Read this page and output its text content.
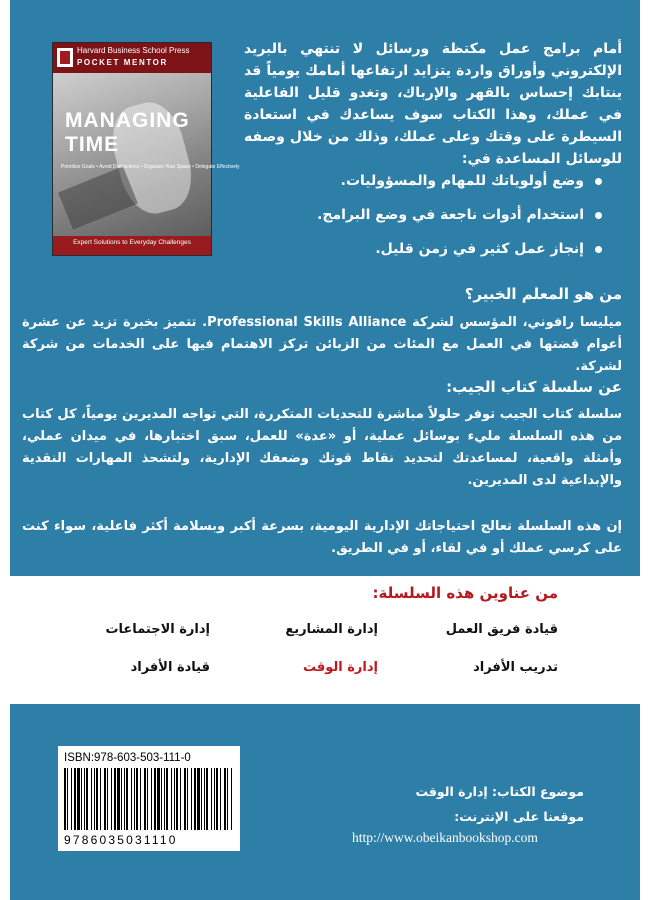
Harvard Business School Press
POCKET MENTOR
MANAGING
TIME
Prioritize Goals • Avoid Distractions • Organize Your Space • Delegate Effectively
Expert Solutions to Everyday Challenges
أمام برامج عمل مكتظة ورسائل لا تنتهي بالبريد الإلكتروني وأوراق واردة يتزايد ارتفاعها أمامك يومياً قد ينتابك إحساس بالقهر والإرباك، وتغدو قليل الفاعلية في عملك، وهذا الكتاب سوف يساعدك في استعادة السيطرة على وقتك وعلى عملك، وذلك من خلال وصفه للوسائل المساعدة في:
وضع أولوياتك للمهام والمسؤوليات.
استخدام أدوات ناجعة في وضع البرامج.
إنجاز عمل كثير في زمن قليل.
من هو المعلم الخبير؟
ميليسا رافوني، المؤسس لشركة Professional Skills Alliance. تتميز بخبرة تزيد عن عشرة أعوام قضتها في العمل مع المئات من الزبائن تركز الاهتمام فيها على الخدمات من شركة لشركة.
عن سلسلة كتاب الجيب:
سلسلة كتاب الجيب توفر حلولاً مباشرة للتحديات المتكررة، التي تواجه المديرين يومياً، كل كتاب من هذه السلسلة مليء بوسائل عملية، أو «عدة» للعمل، سبق اختبارها، في ميدان عملي، وأمثلة واقعية، لمساعدتك لتحديد نقاط قوتك وضعفك الإدارية، ولتشحذ المهارات النقدية والإبداعية لدى المديرين.
إن هذه السلسلة تعالج احتياجاتك الإدارية اليومية، بسرعة أكبر وبسلامة أكثر فاعلية، سواء كنت على كرسي عملك أو في لقاء، أو في الطريق.
من عناوين هذه السلسلة:
قيادة فريق العمل
إدارة المشاريع
إدارة الاجتماعات
تدريب الأفراد
إدارة الوقت
قيادة الأفراد
ISBN:978-603-503-111-0
9786035031110
موضوع الكتاب: إدارة الوقت
موقعنا على الإنترنت:
http://www.obeikanbookshop.com
